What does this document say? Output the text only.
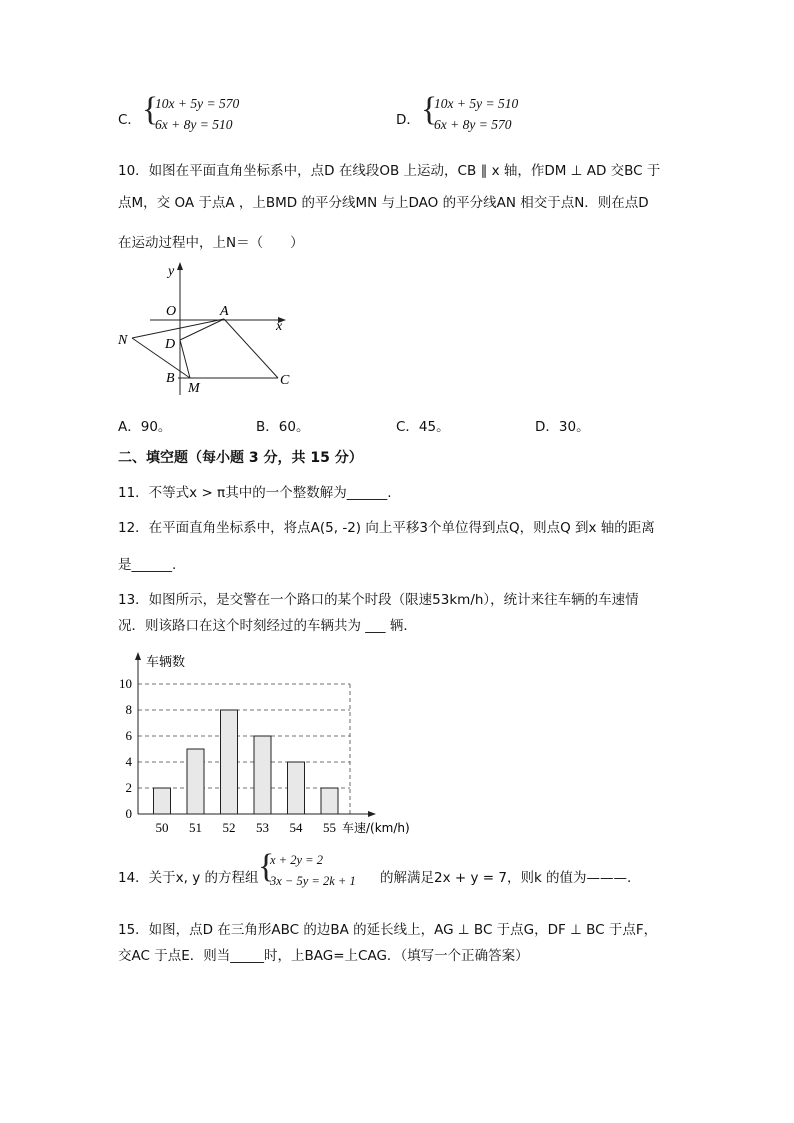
C． {
10x + 5y = 570
6x + 8y = 510	D． {
10x + 5y = 510
6x + 8y = 570
10．如图在平面直角坐标系中，点D 在线段OB 上运动，CB ∥ x 轴，作DM ⊥ AD 交BC 于
点M，交 OA 于点A ，上BMD 的平分线MN 与上DAO 的平分线AN 相交于点N．则在点D
在运动过程中，上N＝（　　）
y
x
O	A
N	D
B
M
C
A．90。	B．60。	C．45。	D．30。
二、填空题（每小题 3 分，共 15 分）
11．不等式x > π其中的一个整数解为______.
12．在平面直角坐标系中，将点A(5, -2) 向上平移3个单位得到点Q，则点Q 到x 轴的距离
是______.
13．如图所示，是交警在一个路口的某个时段（限速53km/h），统计来往车辆的车速情
况．则该路口在这个时刻经过的车辆共为 ___ 辆．
0
2
4
6
8
10
50 51 52 53 54 55
车辆数
车速/(km/h)
14．关于x, y 的方程组 {
x + 2y = 2
3x − 5y = 2k + 1 的解满足2x + y = 7，则k 的值为———.
15．如图，点D 在三角形ABC 的边BA 的延长线上，AG ⊥ BC 于点G，DF ⊥ BC 于点F，
交AC 于点E．则当_____时，上BAG=上CAG．（填写一个正确答案）
